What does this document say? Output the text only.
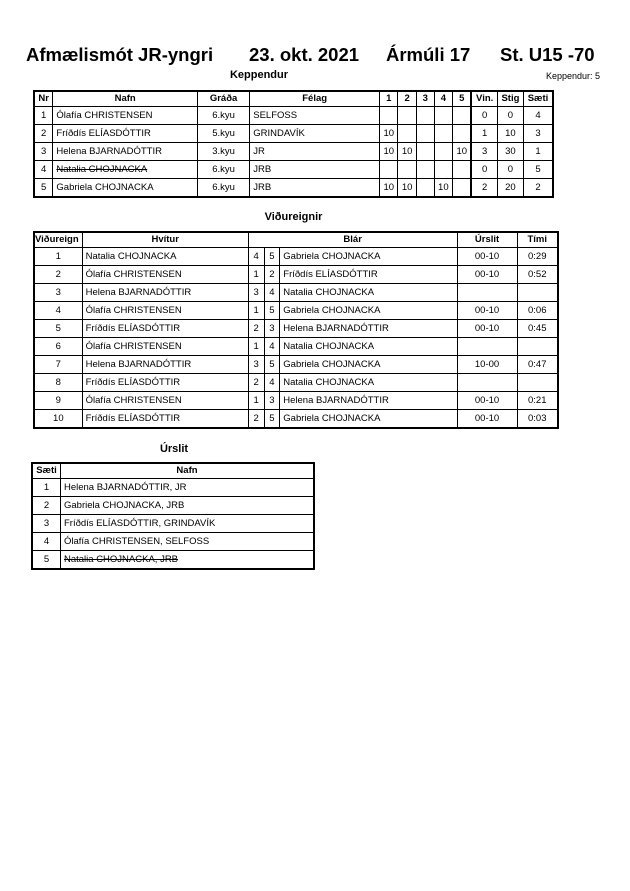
Afmælismót JR-yngri 23. okt. 2021 Ármúli 17 St. U15 -70
Keppendur	Keppendur: 5
Nr	Nafn	Gráða	Félag	1	2	3	4	5	Vin.	Stig	Sæti
1	Ólafía CHRISTENSEN	6.kyu	SELFOSS						0	0	4
2	Fríðdís ELÍASDÓTTIR	5.kyu	GRINDAVÍK	10					1	10	3
3	Helena BJARNADÓTTIR	3.kyu	JR	10	10			10	3	30	1
4	Natalia CHOJNACKA	6.kyu	JRB						0	0	5
5	Gabriela CHOJNACKA	6.kyu	JRB	10	10		10		2	20	2
Viðureignir
Viðureign	Hvítur	Blár			Úrslit	Tími
1	Natalia CHOJNACKA	4	5	Gabriela CHOJNACKA	00-10	0:29
2	Ólafía CHRISTENSEN	1	2	Fríðdís ELÍASDÓTTIR	00-10	0:52
3	Helena BJARNADÓTTIR	3	4	Natalia CHOJNACKA		
4	Ólafía CHRISTENSEN	1	5	Gabriela CHOJNACKA	00-10	0:06
5	Fríðdís ELÍASDÓTTIR	2	3	Helena BJARNADÓTTIR	00-10	0:45
6	Ólafía CHRISTENSEN	1	4	Natalia CHOJNACKA		
7	Helena BJARNADÓTTIR	3	5	Gabriela CHOJNACKA	10-00	0:47
8	Fríðdís ELÍASDÓTTIR	2	4	Natalia CHOJNACKA		
9	Ólafía CHRISTENSEN	1	3	Helena BJARNADÓTTIR	00-10	0:21
10	Fríðdís ELÍASDÓTTIR	2	5	Gabriela CHOJNACKA	00-10	0:03
Úrslit
Sæti	Nafn
1	Helena BJARNADÓTTIR, JR
2	Gabriela CHOJNACKA, JRB
3	Fríðdís ELÍASDÓTTIR, GRINDAVÍK
4	Ólafía CHRISTENSEN, SELFOSS
5	Natalia CHOJNACKA, JRB
